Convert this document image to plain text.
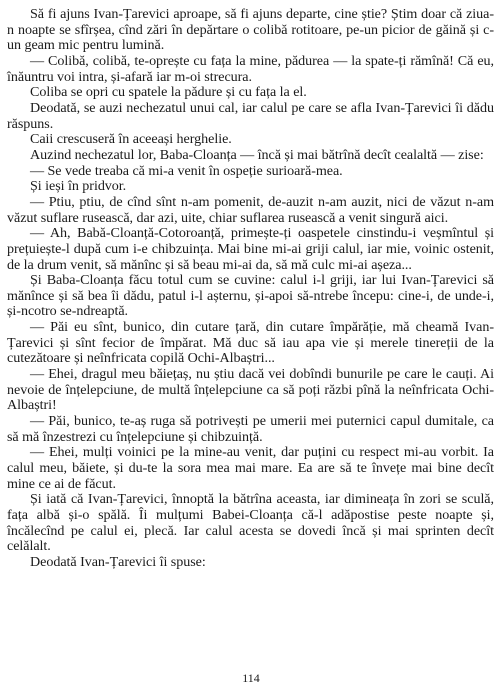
Să fi ajuns Ivan-Țarevici aproape, să fi ajuns departe, cine știe? Știm doar că ziua-n noapte se sfîrșea, cînd zări în depărtare o colibă rotitoare, pe-un picior de găină și c-un geam mic pentru lumină.

— Colibă, colibă, te-oprește cu fața la mine, pădurea — la spate-ți rămînă! Că eu, înăuntru voi intra, și-afară iar m-oi strecura.

Coliba se opri cu spatele la pădure și cu fața la el.

Deodată, se auzi nechezatul unui cal, iar calul pe care se afla Ivan-Țarevici îi dădu răspuns.

Caii crescuseră în aceeași herghelie.

Auzind nechezatul lor, Baba-Cloanța — încă și mai bătrînă decît cealaltă — zise:

— Se vede treaba că mi-a venit în ospeție surioară-mea.

Și ieși în pridvor.

— Ptiu, ptiu, de cînd sînt n-am pomenit, de-auzit n-am auzit, nici de văzut n-am văzut suflare rusească, dar azi, uite, chiar suflarea rusească a venit singură aici.

— Ah, Babă-Cloanță-Cotoroanță, primește-ți oaspetele cinstindu-i veșmîntul și prețuiește-l după cum i-e chibzuința. Mai bine mi-ai griji calul, iar mie, voinic ostenit, de la drum venit, să mănînc și să beau mi-ai da, să mă culc mi-ai așeza...

Și Baba-Cloanța făcu totul cum se cuvine: calul i-l griji, iar lui Ivan-Țarevici să mănînce și să bea îi dădu, patul i-l așternu, și-apoi să-ntrebe începu: cine-i, de unde-i, și-ncotro se-ndreaptă.

— Păi eu sînt, bunico, din cutare țară, din cutare împărăție, mă cheamă Ivan-Țarevici și sînt fecior de împărat. Mă duc să iau apa vie și merele tinereții de la cutezătoare și neînfricata copilă Ochi-Albaștri...

— Ehei, dragul meu băiețaș, nu știu dacă vei dobîndi bunurile pe care le cauți. Ai nevoie de înțelepciune, de multă înțelepciune ca să poți răzbi pînă la neînfricata Ochi-Albaștri!

— Păi, bunico, te-aș ruga să potrivești pe umerii mei puternici capul dumitale, ca să mă înzestrezi cu înțelepciune și chibzuință.

— Ehei, mulți voinici pe la mine-au venit, dar puțini cu respect mi-au vorbit. Ia calul meu, băiete, și du-te la sora mea mai mare. Ea are să te învețe mai bine decît mine ce ai de făcut.

Și iată că Ivan-Țarevici, înnoptă la bătrîna aceasta, iar dimineața în zori se sculă, fața albă și-o spălă. Îi mulțumi Babei-Cloanța că-l adăpostise peste noapte și, încălecînd pe calul ei, plecă. Iar calul acesta se dovedi încă și mai sprinten decît celălalt.

Deodată Ivan-Țarevici îi spuse:

114
